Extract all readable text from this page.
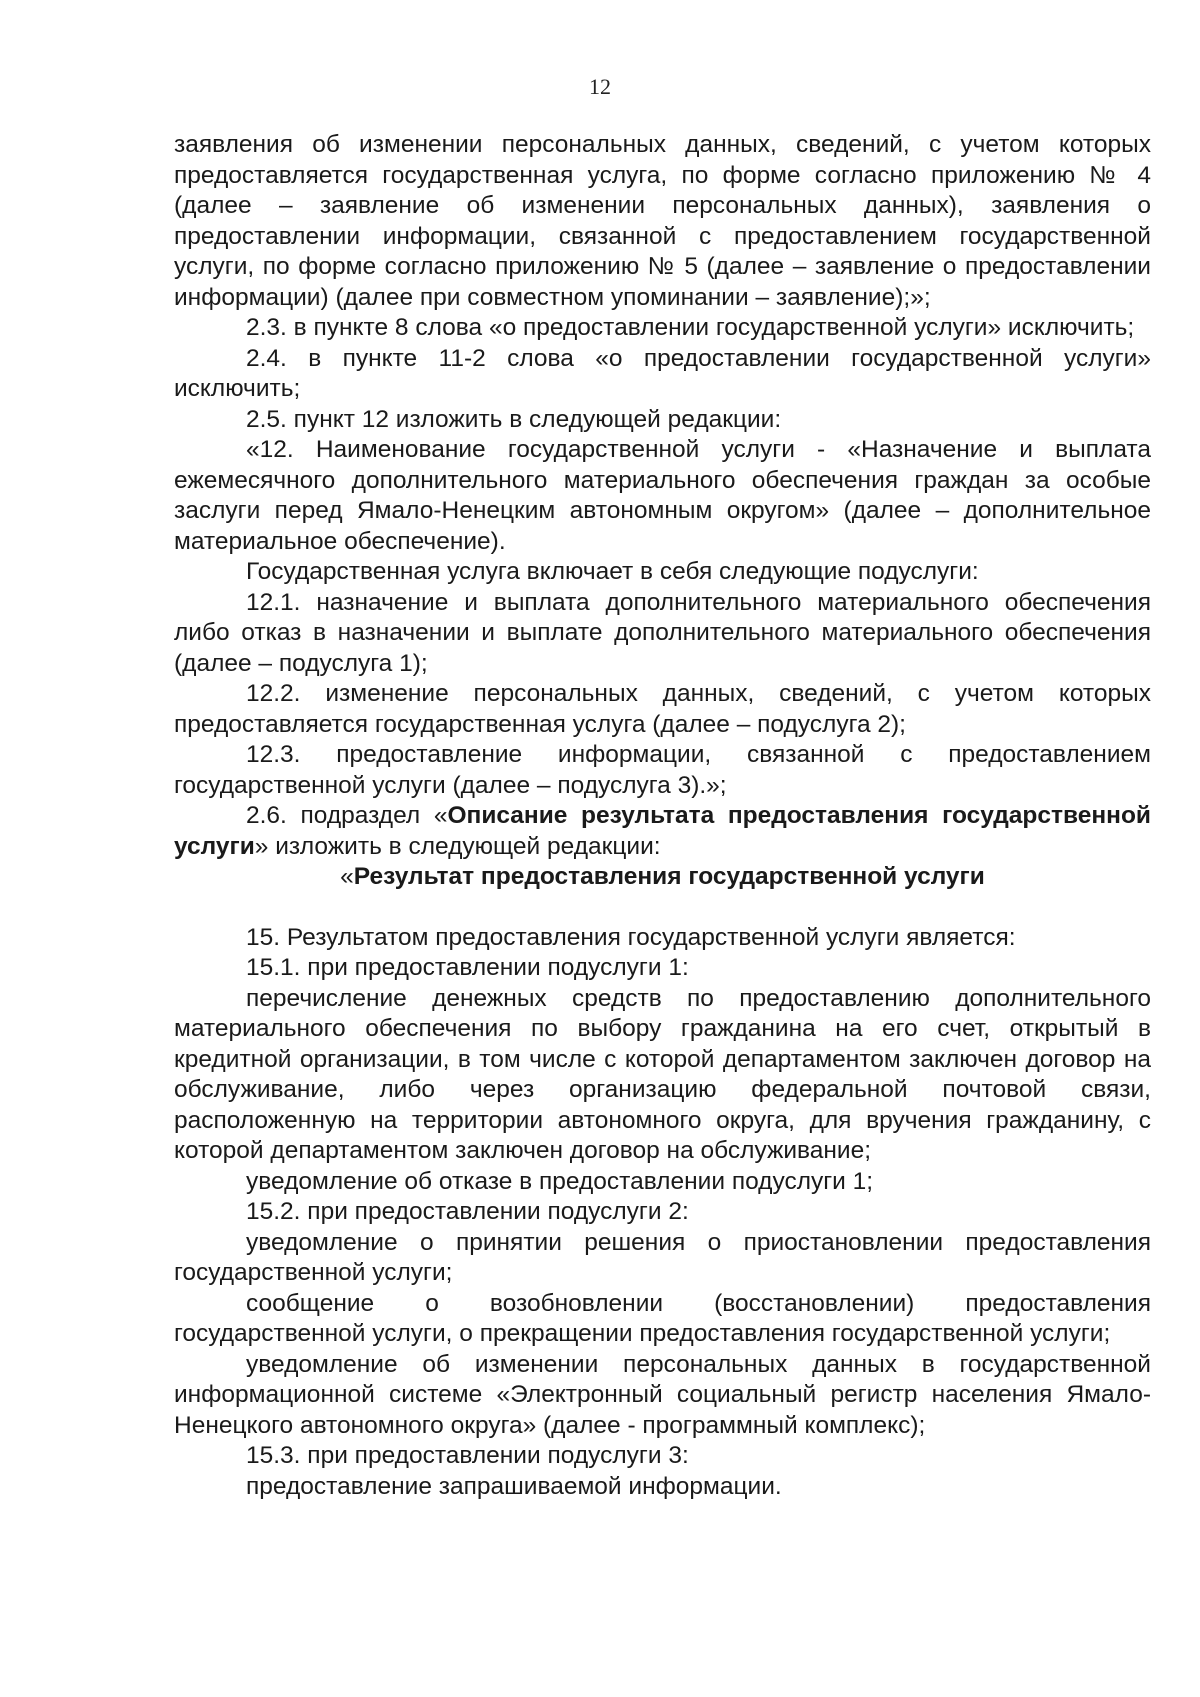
12

заявления об изменении персональных данных, сведений, с учетом которых предоставляется государственная услуга, по форме согласно приложению № 4 (далее – заявление об изменении персональных данных), заявления о предоставлении информации, связанной с предоставлением государственной услуги, по форме согласно приложению № 5 (далее – заявление о предоставлении информации) (далее при совместном упоминании – заявление);»;

2.3. в пункте 8 слова «о предоставлении государственной услуги» исключить;

2.4. в пункте 11-2 слова «о предоставлении государственной услуги» исключить;

2.5. пункт 12 изложить в следующей редакции:

«12. Наименование государственной услуги - «Назначение и выплата ежемесячного дополнительного материального обеспечения граждан за особые заслуги перед Ямало-Ненецким автономным округом» (далее – дополнительное материальное обеспечение).

Государственная услуга включает в себя следующие подуслуги:

12.1. назначение и выплата дополнительного материального обеспечения либо отказ в назначении и выплате дополнительного материального обеспечения (далее – подуслуга 1);

12.2. изменение персональных данных, сведений, с учетом которых предоставляется государственная услуга (далее – подуслуга 2);

12.3. предоставление информации, связанной с предоставлением государственной услуги (далее – подуслуга 3).»;

2.6. подраздел «Описание результата предоставления государственной услуги» изложить в следующей редакции:

«Результат предоставления государственной услуги

15. Результатом предоставления государственной услуги является:

15.1. при предоставлении подуслуги 1:

перечисление денежных средств по предоставлению дополнительного материального обеспечения по выбору гражданина на его счет, открытый в кредитной организации, в том числе с которой департаментом заключен договор на обслуживание, либо через организацию федеральной почтовой связи, расположенную на территории автономного округа, для вручения гражданину, с которой департаментом заключен договор на обслуживание;

уведомление об отказе в предоставлении подуслуги 1;

15.2. при предоставлении подуслуги 2:

уведомление о принятии решения о приостановлении предоставления государственной услуги;

сообщение о возобновлении (восстановлении) предоставления государственной услуги, о прекращении предоставления государственной услуги;

уведомление об изменении персональных данных в государственной информационной системе «Электронный социальный регистр населения Ямало-Ненецкого автономного округа» (далее - программный комплекс);

15.3. при предоставлении подуслуги 3:

предоставление запрашиваемой информации.
